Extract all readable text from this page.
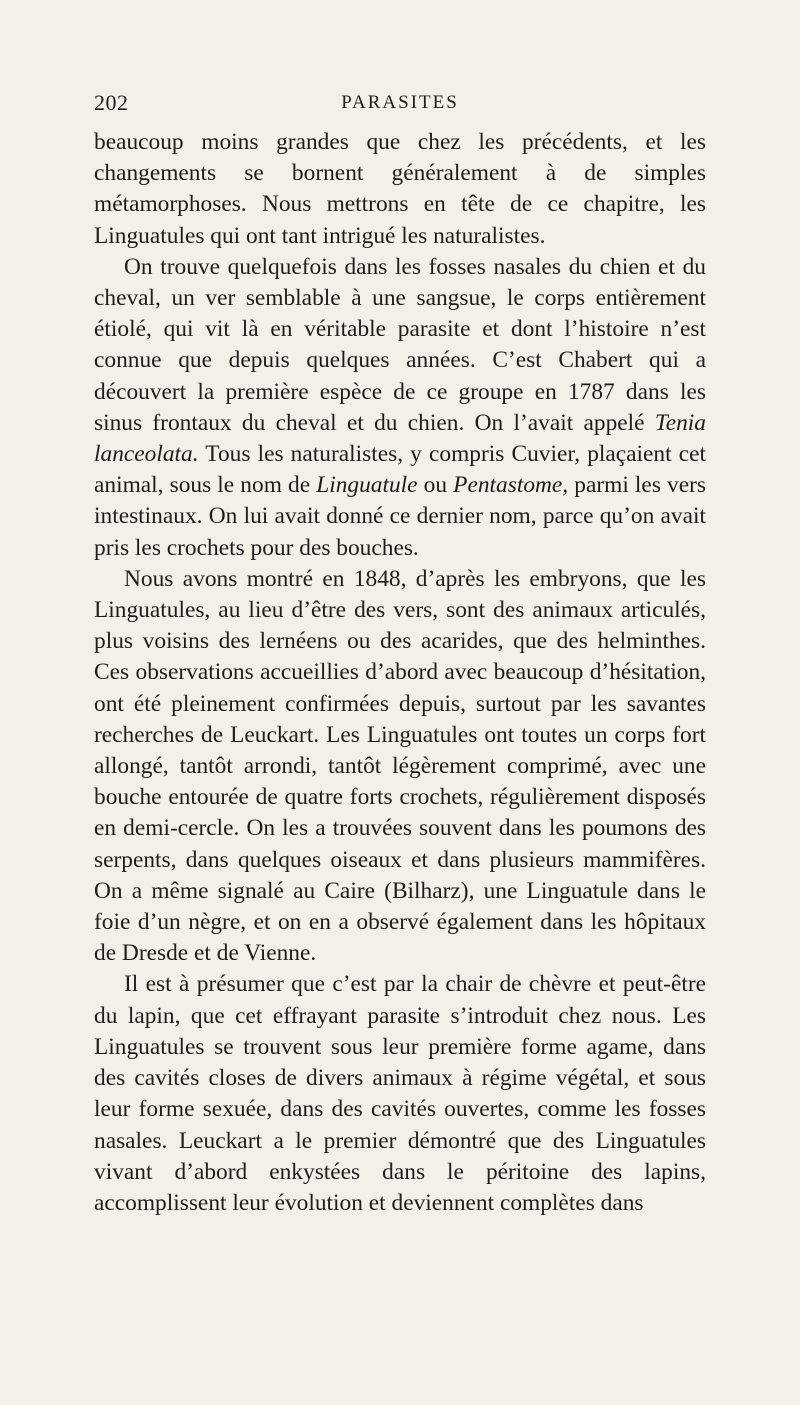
202	PARASITES

beaucoup moins grandes que chez les précédents, et les changements se bornent généralement à de simples métamorphoses. Nous mettrons en tête de ce chapitre, les Linguatules qui ont tant intrigué les naturalistes.

On trouve quelquefois dans les fosses nasales du chien et du cheval, un ver semblable à une sangsue, le corps entièrement étiolé, qui vit là en véritable parasite et dont l’histoire n’est connue que depuis quelques années. C’est Chabert qui a découvert la première espèce de ce groupe en 1787 dans les sinus frontaux du cheval et du chien. On l’avait appelé Tenia lanceolata. Tous les naturalistes, y compris Cuvier, plaçaient cet animal, sous le nom de Linguatule ou Pentastome, parmi les vers intestinaux. On lui avait donné ce dernier nom, parce qu’on avait pris les crochets pour des bouches.

Nous avons montré en 1848, d’après les embryons, que les Linguatules, au lieu d’être des vers, sont des animaux articulés, plus voisins des lernéens ou des acarides, que des helminthes. Ces observations accueillies d’abord avec beaucoup d’hésitation, ont été pleinement confirmées depuis, surtout par les savantes recherches de Leuckart. Les Linguatules ont toutes un corps fort allongé, tantôt arrondi, tantôt légèrement comprimé, avec une bouche entourée de quatre forts crochets, régulièrement disposés en demi-cercle. On les a trouvées souvent dans les poumons des serpents, dans quelques oiseaux et dans plusieurs mammifères. On a même signalé au Caire (Bilharz), une Linguatule dans le foie d’un nègre, et on en a observé également dans les hôpitaux de Dresde et de Vienne.

Il est à présumer que c’est par la chair de chèvre et peut-être du lapin, que cet effrayant parasite s’introduit chez nous. Les Linguatules se trouvent sous leur première forme agame, dans des cavités closes de divers animaux à régime végétal, et sous leur forme sexuée, dans des cavités ouvertes, comme les fosses nasales. Leuckart a le premier démontré que des Linguatules vivant d’abord enkystées dans le péritoine des lapins, accomplissent leur évolution et deviennent complètes dans
